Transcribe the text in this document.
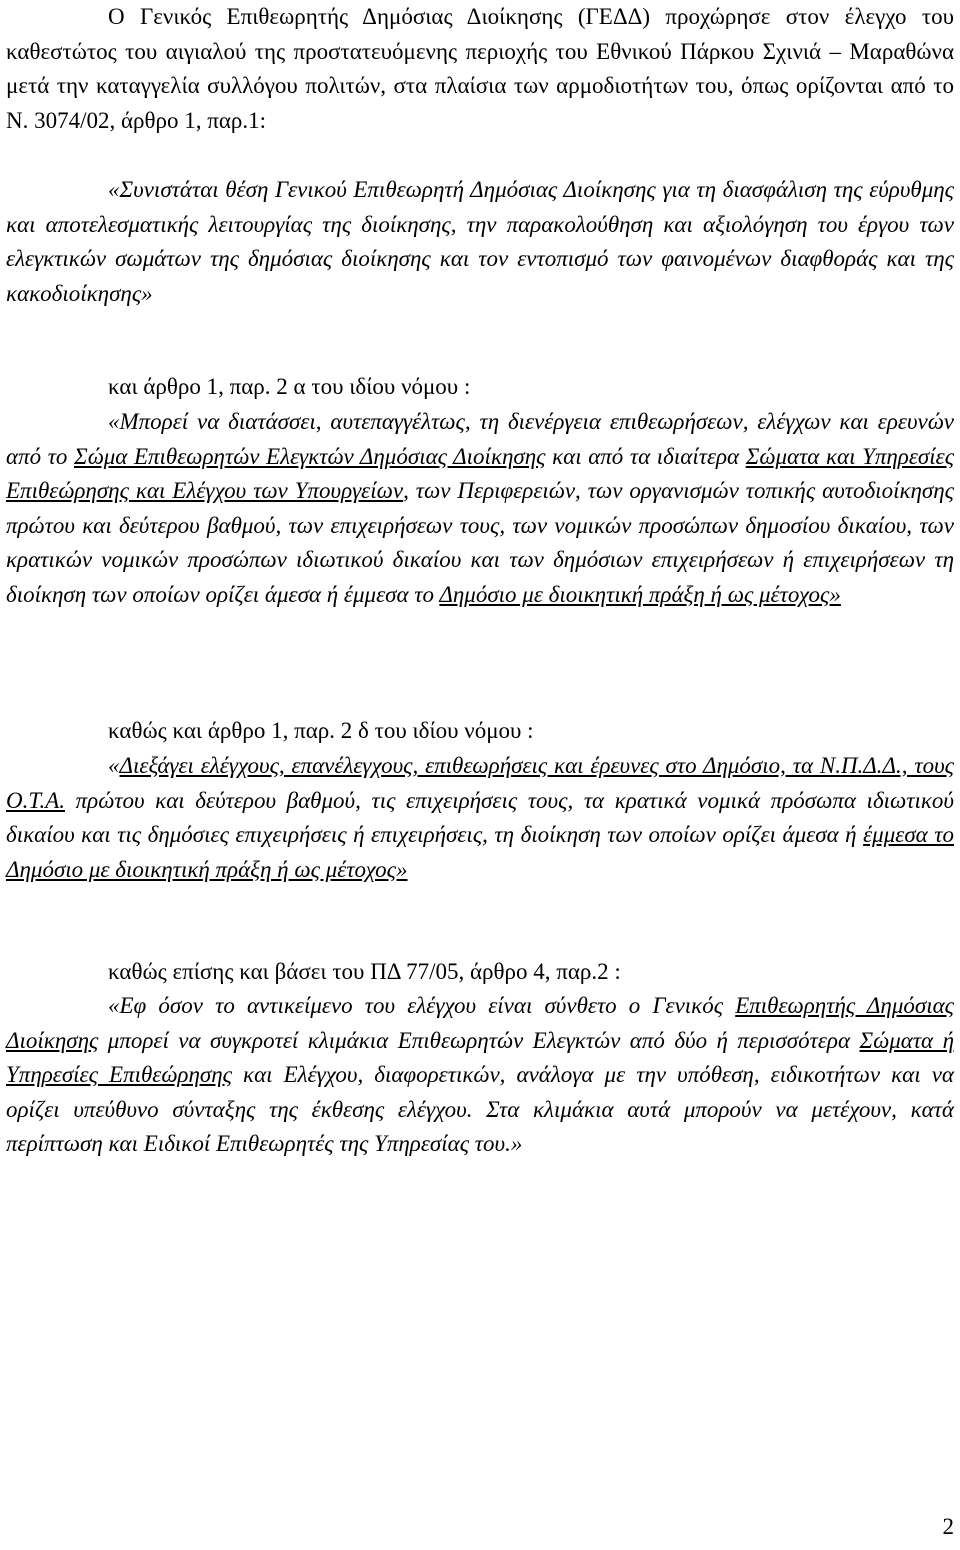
Ο Γενικός Επιθεωρητής Δημόσιας Διοίκησης (ΓΕΔΔ) προχώρησε στον έλεγχο του καθεστώτος του αιγιαλού της προστατευόμενης περιοχής του Εθνικού Πάρκου Σχινιά – Μαραθώνα μετά την καταγγελία συλλόγου πολιτών, στα πλαίσια των αρμοδιοτήτων του, όπως ορίζονται από το Ν. 3074/02, άρθρο 1, παρ.1:

«Συνιστάται θέση Γενικού Επιθεωρητή Δημόσιας Διοίκησης για τη διασφάλιση της εύρυθμης και αποτελεσματικής λειτουργίας της διοίκησης, την παρακολούθηση και αξιολόγηση του έργου των ελεγκτικών σωμάτων της δημόσιας διοίκησης και τον εντοπισμό των φαινομένων διαφθοράς και της κακοδιοίκησης»

και άρθρο 1, παρ. 2 α του ιδίου νόμου :

«Μπορεί να διατάσσει, αυτεπαγγέλτως, τη διενέργεια επιθεωρήσεων, ελέγχων και ερευνών από το Σώμα Επιθεωρητών Ελεγκτών Δημόσιας Διοίκησης και από τα ιδιαίτερα Σώματα και Υπηρεσίες Επιθεώρησης και Ελέγχου των Υπουργείων, των Περιφερειών, των οργανισμών τοπικής αυτοδιοίκησης πρώτου και δεύτερου βαθμού, των επιχειρήσεων τους, των νομικών προσώπων δημοσίου δικαίου, των κρατικών νομικών προσώπων ιδιωτικού δικαίου και των δημόσιων επιχειρήσεων ή επιχειρήσεων τη διοίκηση των οποίων ορίζει άμεσα ή έμμεσα το Δημόσιο με διοικητική πράξη ή ως μέτοχος»

καθώς και άρθρο 1, παρ. 2 δ του ιδίου νόμου :

«Διεξάγει ελέγχους, επανέλεγχους, επιθεωρήσεις και έρευνες στο Δημόσιο, τα Ν.Π.Δ.Δ., τους Ο.Τ.Α. πρώτου και δεύτερου βαθμού, τις επιχειρήσεις τους, τα κρατικά νομικά πρόσωπα ιδιωτικού δικαίου και τις δημόσιες επιχειρήσεις ή επιχειρήσεις, τη διοίκηση των οποίων ορίζει άμεσα ή έμμεσα το Δημόσιο με διοικητική πράξη ή ως μέτοχος»

καθώς επίσης και βάσει του ΠΔ 77/05, άρθρο 4, παρ.2 :

«Εφ όσον το αντικείμενο του ελέγχου είναι σύνθετο ο Γενικός Επιθεωρητής Δημόσιας Διοίκησης μπορεί να συγκροτεί κλιμάκια Επιθεωρητών Ελεγκτών από δύο ή περισσότερα Σώματα ή Υπηρεσίες Επιθεώρησης και Ελέγχου, διαφορετικών, ανάλογα με την υπόθεση, ειδικοτήτων και να ορίζει υπεύθυνο σύνταξης της έκθεσης ελέγχου. Στα κλιμάκια αυτά μπορούν να μετέχουν, κατά περίπτωση και Ειδικοί Επιθεωρητές της Υπηρεσίας του.»

2
